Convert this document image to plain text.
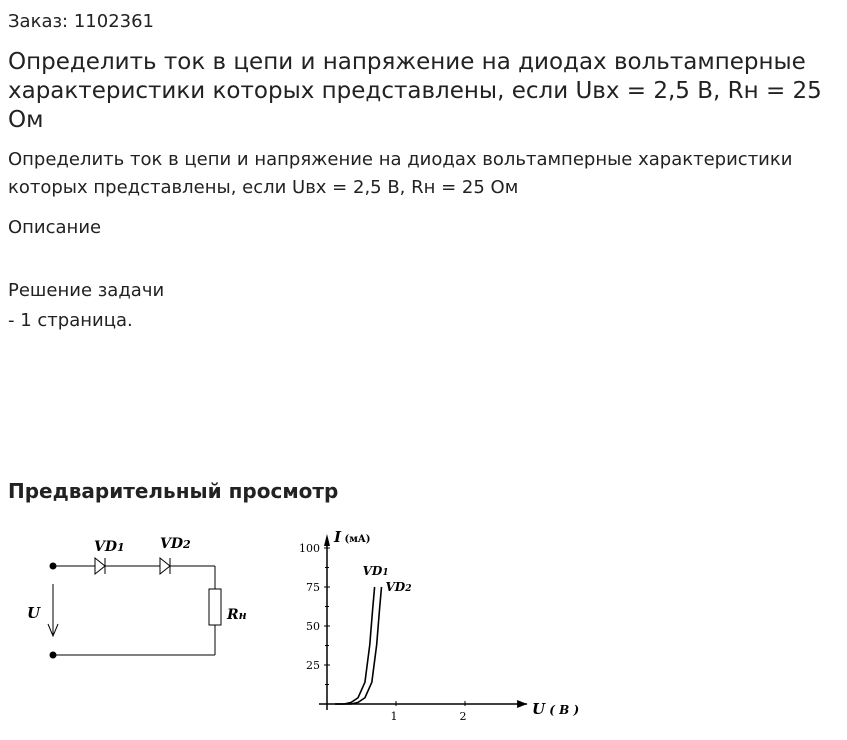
Заказ: 1102361
Определить ток в цепи и напряжение на диодах вольтамперные характеристики которых представлены, если Uвх = 2,5 В, Rн = 25 Ом

Определить ток в цепи и напряжение на диодах вольтамперные характеристики которых представлены, если Uвх = 2,5 В, Rн = 25 Ом

Описание
Решение задачи
- 1 страница.
Предварительный просмотр
VD1	VD2
U	Rн
25
50
75
100
1	2
I (мA)
U ( B )
VD1
VD2
